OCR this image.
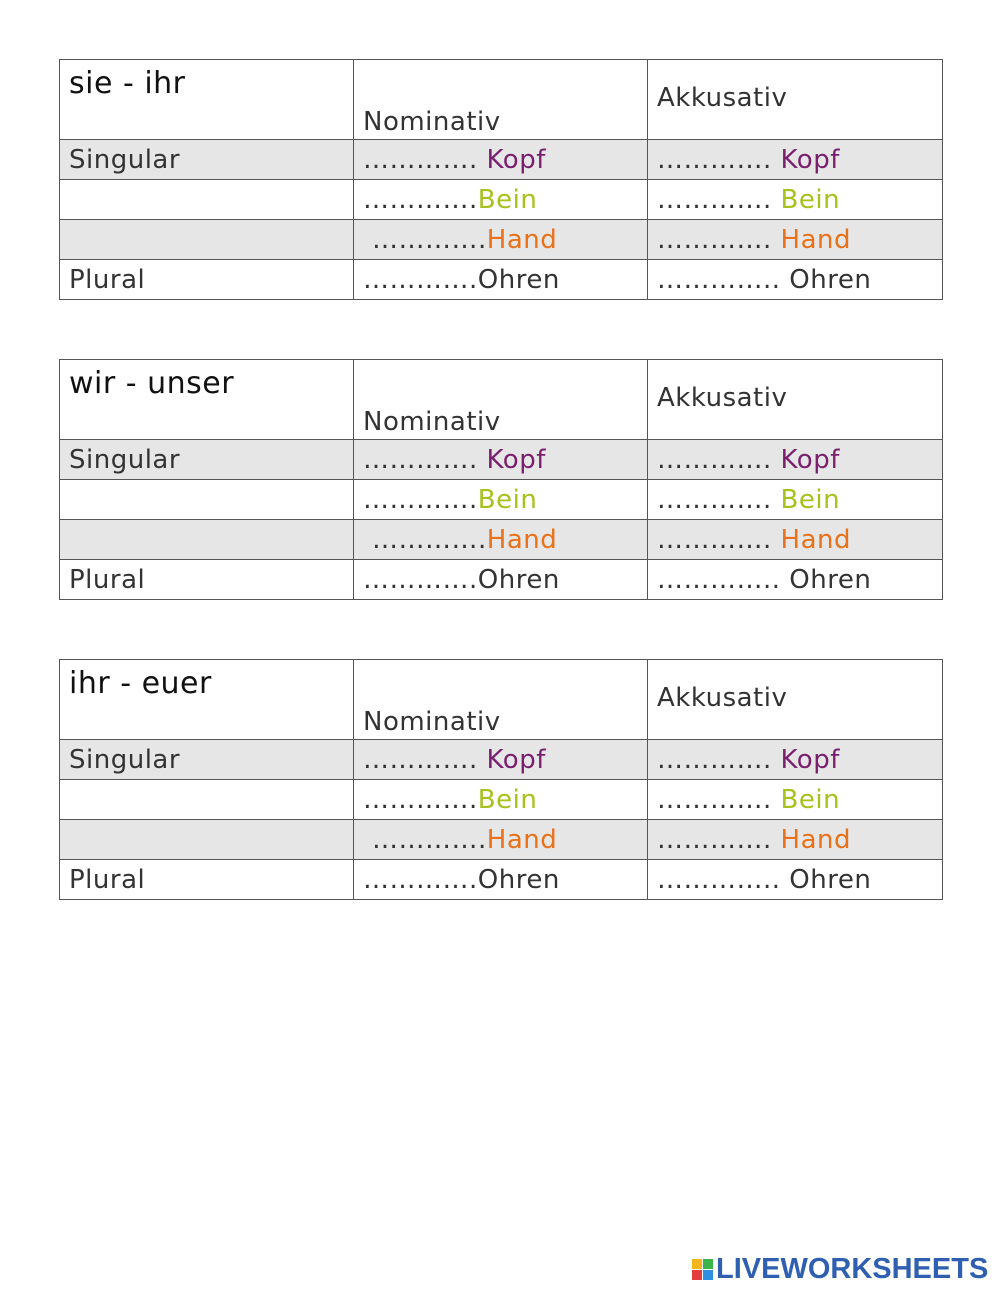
sie - ihr	Nominativ	Akkusativ
Singular	…………. Kopf	…………. Kopf
	………….Bein	…………. Bein
	………….Hand	…………. Hand
Plural	………….Ohren	………….. Ohren
wir - unser	Nominativ	Akkusativ
Singular	…………. Kopf	…………. Kopf
	………….Bein	…………. Bein
	………….Hand	…………. Hand
Plural	………….Ohren	………….. Ohren
ihr - euer	Nominativ	Akkusativ
Singular	…………. Kopf	…………. Kopf
	………….Bein	…………. Bein
	………….Hand	…………. Hand
Plural	………….Ohren	………….. Ohren
LIVEWORKSHEETS
